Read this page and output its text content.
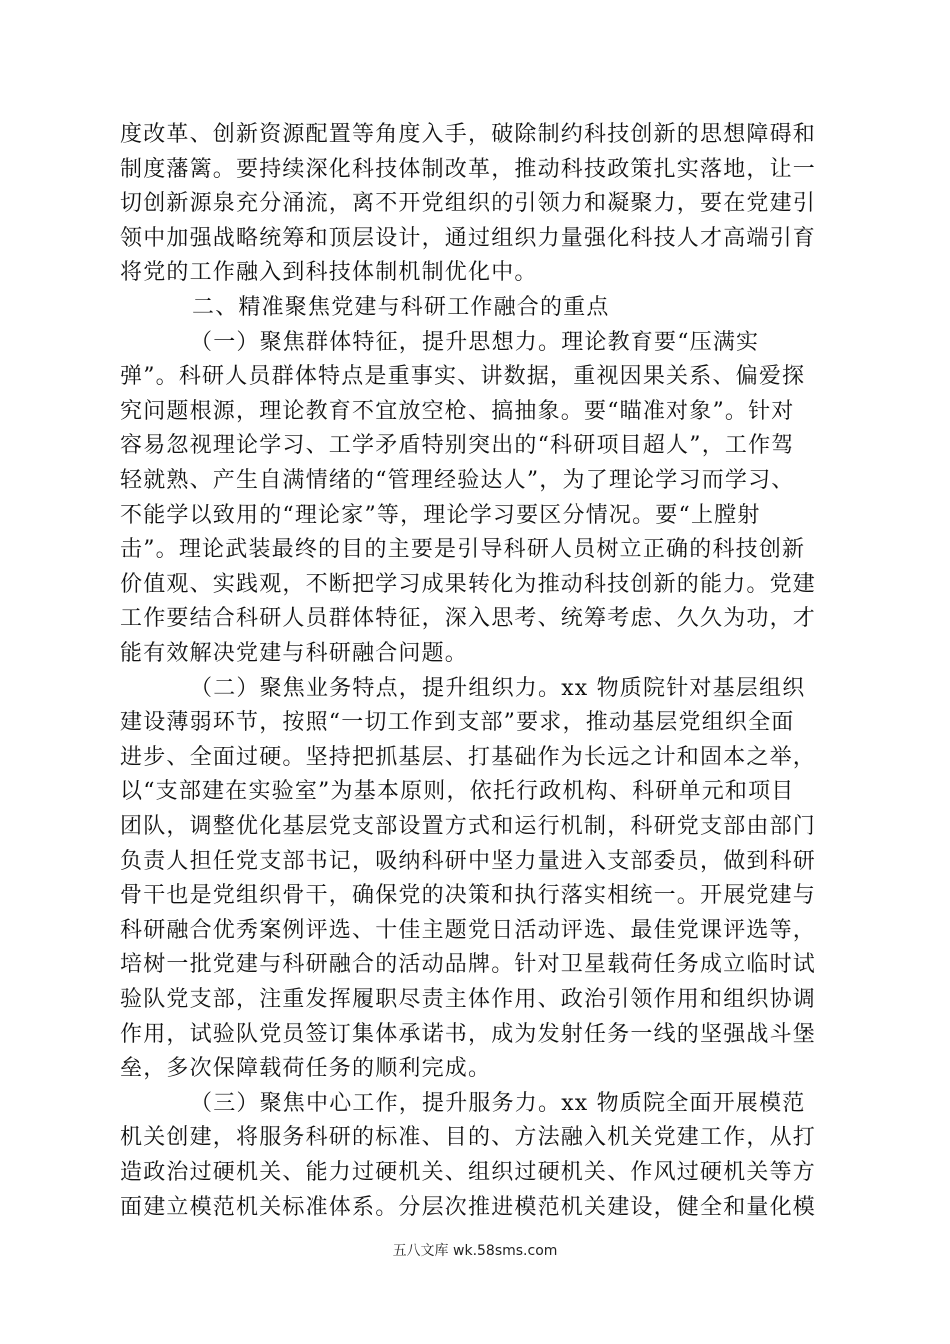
度改革、创新资源配置等角度入手，破除制约科技创新的思想障碍和
制度藩篱。要持续深化科技体制改革，推动科技政策扎实落地，让一
切创新源泉充分涌流，离不开党组织的引领力和凝聚力，要在党建引
领中加强战略统筹和顶层设计，通过组织力量强化科技人才高端引育
将党的工作融入到科技体制机制优化中。
二、精准聚焦党建与科研工作融合的重点
（一）聚焦群体特征，提升思想力。理论教育要“压满实
弹”。科研人员群体特点是重事实、讲数据，重视因果关系、偏爱探
究问题根源，理论教育不宜放空枪、搞抽象。要“瞄准对象”。针对
容易忽视理论学习、工学矛盾特别突出的“科研项目超人”，工作驾
轻就熟、产生自满情绪的“管理经验达人”，为了理论学习而学习、
不能学以致用的“理论家”等，理论学习要区分情况。要“上膛射
击”。理论武装最终的目的主要是引导科研人员树立正确的科技创新
价值观、实践观，不断把学习成果转化为推动科技创新的能力。党建
工作要结合科研人员群体特征，深入思考、统筹考虑、久久为功，才
能有效解决党建与科研融合问题。
（二）聚焦业务特点，提升组织力。xx 物质院针对基层组织
建设薄弱环节，按照“一切工作到支部”要求，推动基层党组织全面
进步、全面过硬。坚持把抓基层、打基础作为长远之计和固本之举，
以“支部建在实验室”为基本原则，依托行政机构、科研单元和项目
团队，调整优化基层党支部设置方式和运行机制，科研党支部由部门
负责人担任党支部书记，吸纳科研中坚力量进入支部委员，做到科研
骨干也是党组织骨干，确保党的决策和执行落实相统一。开展党建与
科研融合优秀案例评选、十佳主题党日活动评选、最佳党课评选等，
培树一批党建与科研融合的活动品牌。针对卫星载荷任务成立临时试
验队党支部，注重发挥履职尽责主体作用、政治引领作用和组织协调
作用，试验队党员签订集体承诺书，成为发射任务一线的坚强战斗堡
垒，多次保障载荷任务的顺利完成。
（三）聚焦中心工作，提升服务力。xx 物质院全面开展模范
机关创建，将服务科研的标准、目的、方法融入机关党建工作，从打
造政治过硬机关、能力过硬机关、组织过硬机关、作风过硬机关等方
面建立模范机关标准体系。分层次推进模范机关建设，健全和量化模
五八文库 wk.58sms.com
